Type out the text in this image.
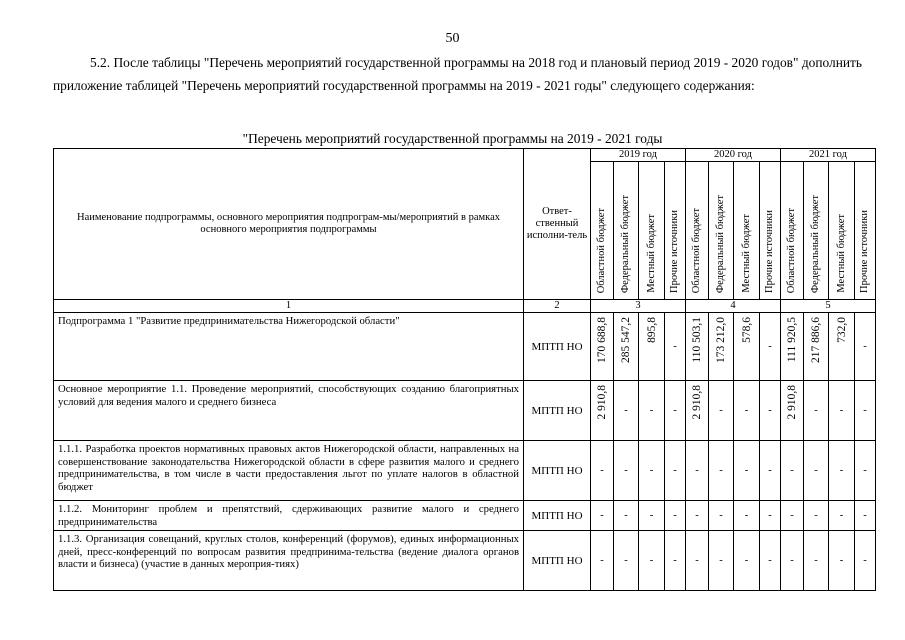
50

5.2. После таблицы "Перечень мероприятий государственной программы на 2018 год и плановый период 2019 - 2020 годов" дополнить приложение таблицей "Перечень мероприятий государственной программы на 2019 - 2021 годы" следующего содержания:

"Перечень мероприятий государственной программы на 2019 - 2021 годы
Наименование подпрограммы, основного мероприятия подпрограм-мы/мероприятий в рамках основного мероприятия подпрограммы	Ответ-ственный исполни-тель	2019 год				2020 год				2021 год			

		Областной бюджет	Федеральный бюджет	Местный бюджет	Прочие источники	Областной бюджет	Федеральный бюджет	Местный бюджет	Прочие источники	Областной бюджет	Федеральный бюджет	Местный бюджет	Прочие источники

1	2	3				4				5			
Подпрограмма 1 "Развитие предпринимательства Нижегородской области"	МПТП НО	170 688,8	285 547,2	895,8	-	110 503,1	173 212,0	578,6	-	111 920,5	217 886,6	732,0	-
Основное мероприятие 1.1. Проведение мероприятий, способствующих созданию благоприятных условий для ведения малого и среднего бизнеса	МПТП НО	2 910,8	-	-	-	2 910,8	-	-	-	2 910,8	-	-	-
1.1.1. Разработка проектов нормативных правовых актов Нижегородской области, направленных на совершенствование законодательства Нижегородской области в сфере развития малого и среднего предпринимательства, в том числе в части предоставления льгот по уплате налогов в областной бюджет	МПТП НО	-	-	-	-	-	-	-	-	-	-	-	-
1.1.2. Мониторинг проблем и препятствий, сдерживающих развитие малого и среднего предпринимательства	МПТП НО	-	-	-	-	-	-	-	-	-	-	-	-
1.1.3. Организация совещаний, круглых столов, конференций (форумов), единых информационных дней, пресс-конференций по вопросам развития предпринима-тельства (ведение диалога органов власти и бизнеса) (участие в данных мероприя-тиях)	МПТП НО	-	-	-	-	-	-	-	-	-	-	-	-
